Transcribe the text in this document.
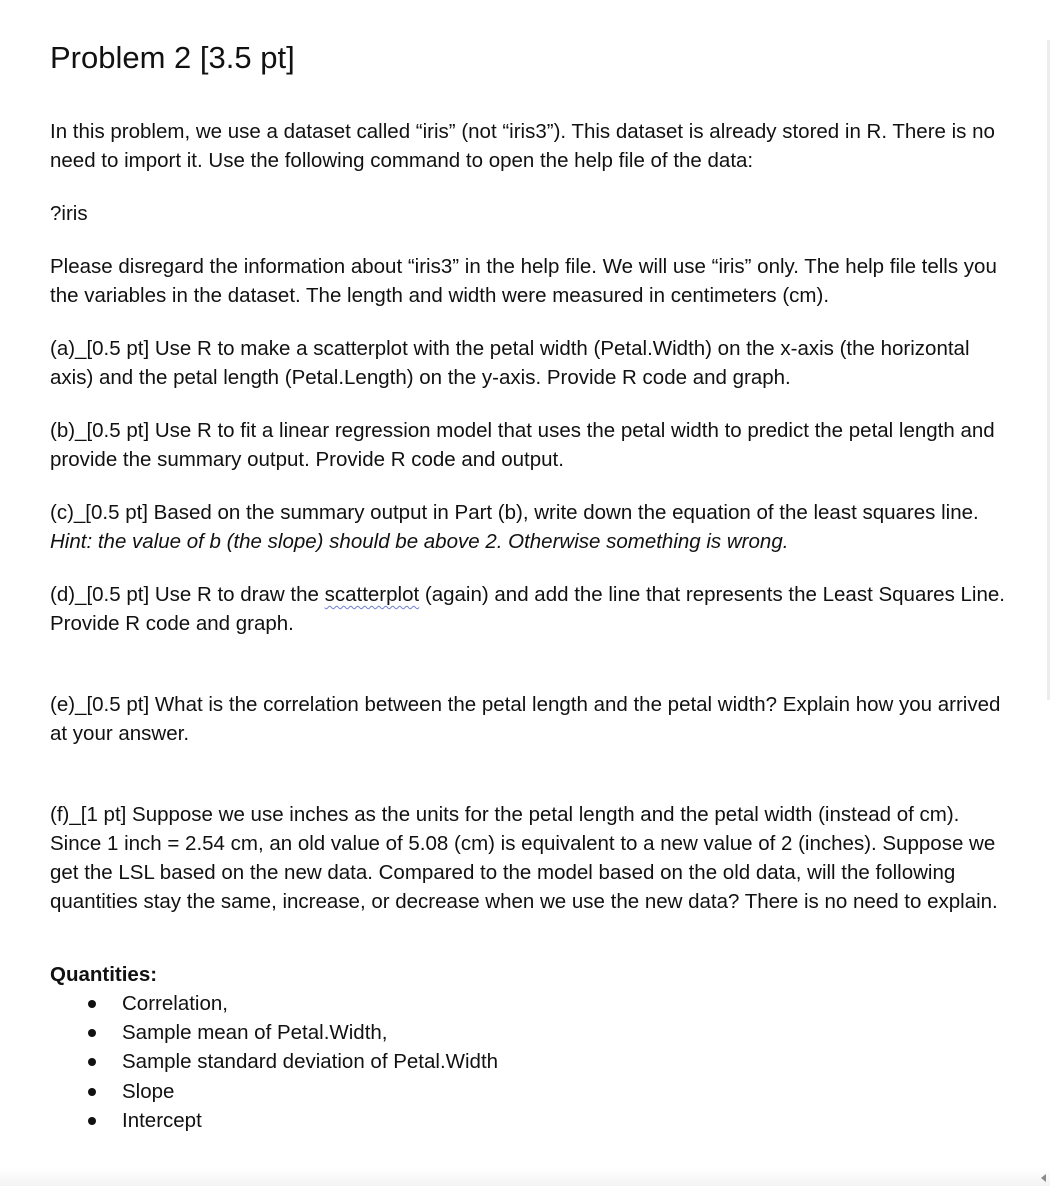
Problem 2 [3.5 pt]

In this problem, we use a dataset called “iris” (not “iris3”). This dataset is already stored in R. There is no need to import it. Use the following command to open the help file of the data:

?iris

Please disregard the information about “iris3” in the help file. We will use “iris” only. The help file tells you the variables in the dataset. The length and width were measured in centimeters (cm).

(a)_[0.5 pt] Use R to make a scatterplot with the petal width (Petal.Width) on the x-axis (the horizontal axis) and the petal length (Petal.Length) on the y-axis. Provide R code and graph.

(b)_[0.5 pt] Use R to fit a linear regression model that uses the petal width to predict the petal length and provide the summary output. Provide R code and output.

(c)_[0.5 pt] Based on the summary output in Part (b), write down the equation of the least squares line. Hint: the value of b (the slope) should be above 2. Otherwise something is wrong.

(d)_[0.5 pt] Use R to draw the scatterplot (again) and add the line that represents the Least Squares Line. Provide R code and graph.

(e)_[0.5 pt] What is the correlation between the petal length and the petal width? Explain how you arrived at your answer.

(f)_[1 pt] Suppose we use inches as the units for the petal length and the petal width (instead of cm). Since 1 inch = 2.54 cm, an old value of 5.08 (cm) is equivalent to a new value of 2 (inches). Suppose we get the LSL based on the new data. Compared to the model based on the old data, will the following quantities stay the same, increase, or decrease when we use the new data? There is no need to explain.

Quantities:
Correlation,
Sample mean of Petal.Width,
Sample standard deviation of Petal.Width
Slope
Intercept
